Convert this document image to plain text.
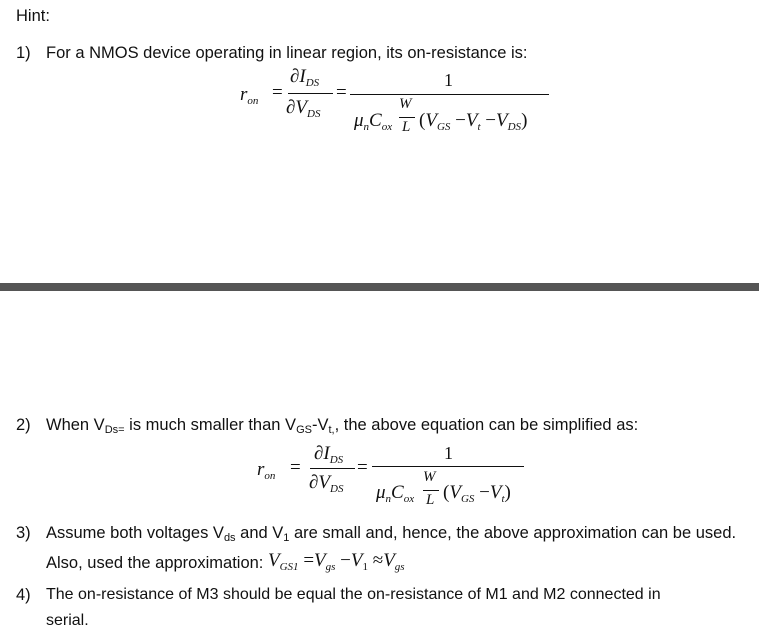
Hint:
1) For a NMOS device operating in linear region, its on-resistance is:
$r_{on}$ =
$\partial I_{DS}$
$\partial V_{DS}$
=
1
$\mu_nC_{ox}$
W
L $(V_{GS} -V_t -V_{DS})$
2) When $V_{Ds=}$ is much smaller than $V_{GS}-V_{t,}$, the above equation can be simplified as:
$r_{on}$ =
$\partial I_{DS}$
$\partial V_{DS}$
=
1
$\mu_nC_{ox}$
W
L $(V_{GS} -V_t)$
3) Assume both voltages $V_{ds}$ and $V_1$ are small and, hence, the above approximation can be used.
Also, used the approximation: $V_{GS1} =V_{gs} -V_1 \approx V_{gs}$
4) The on-resistance of M3 should be equal the on-resistance of M1 and M2 connected in
serial.
